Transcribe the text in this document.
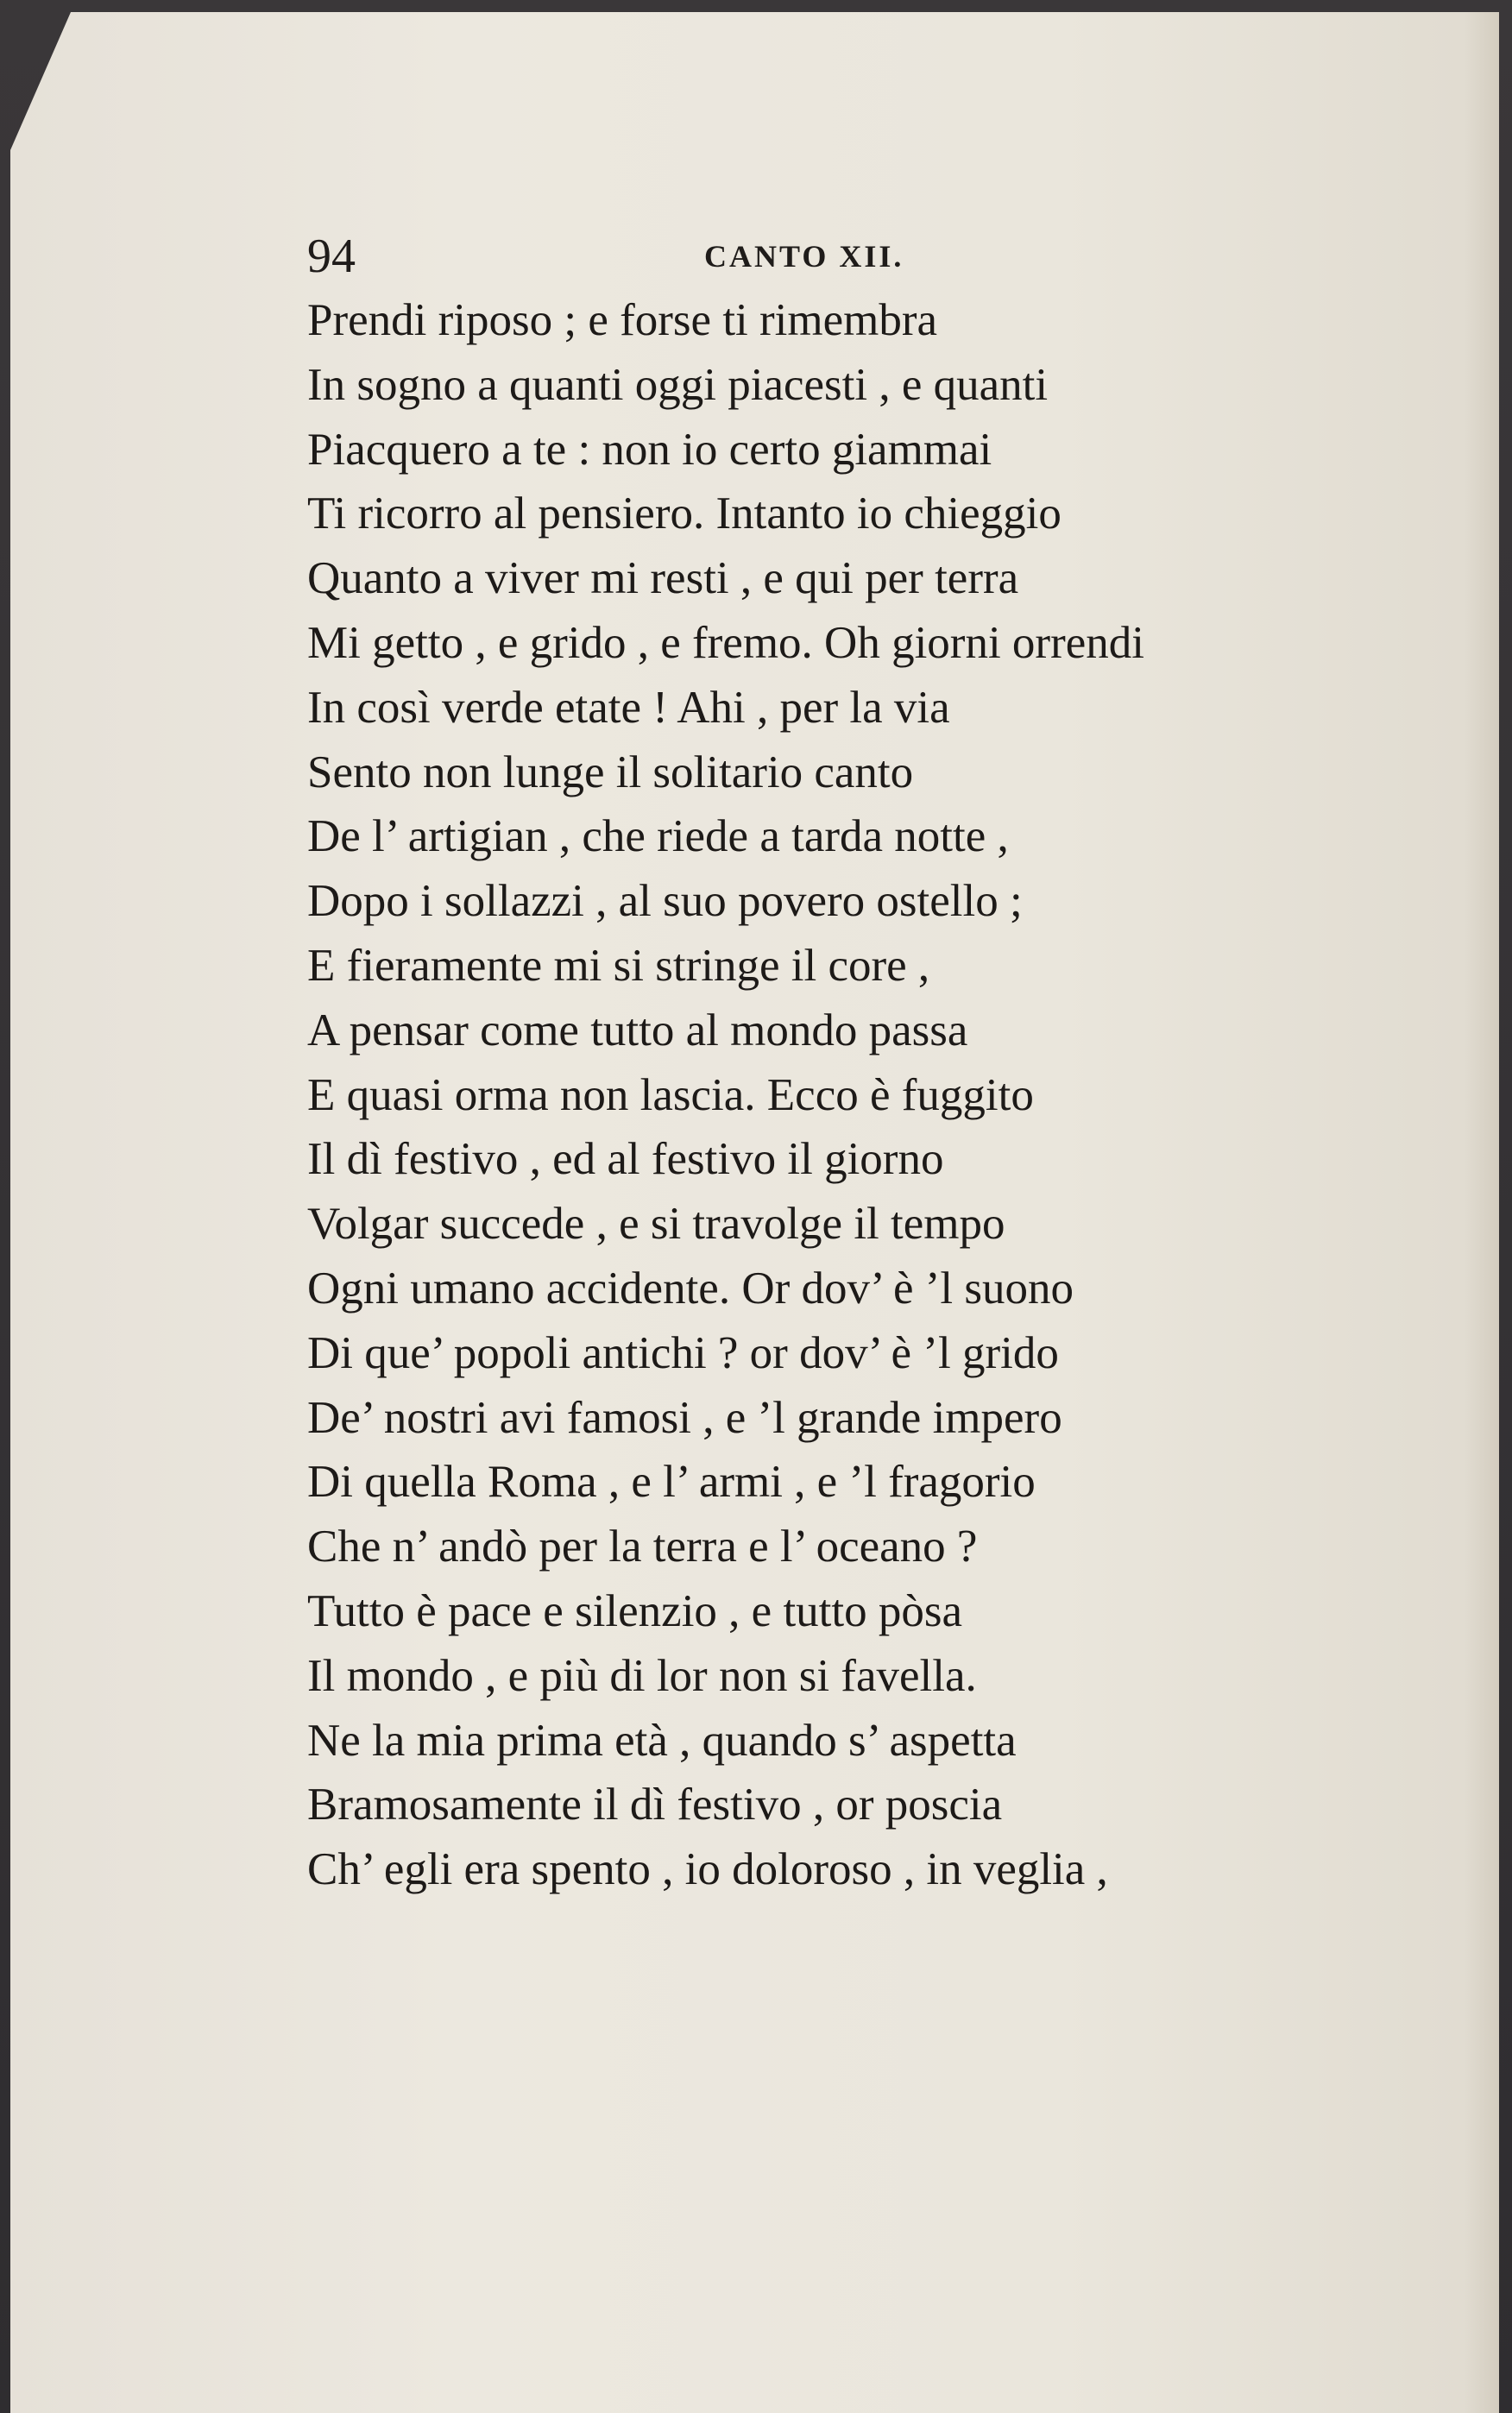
94	CANTO XII.
Prendi riposo ; e forse ti rimembra
In sogno a quanti oggi piacesti , e quanti
Piacquero a te : non io certo giammai
Ti ricorro al pensiero. Intanto io chieggio
Quanto a viver mi resti , e qui per terra
Mi getto , e grido , e fremo. Oh giorni orrendi
In così verde etate ! Ahi , per la via
Sento non lunge il solitario canto
De l’ artigian , che riede a tarda notte ,
Dopo i sollazzi , al suo povero ostello ;
E fieramente mi si stringe il core ,
A pensar come tutto al mondo passa
E quasi orma non lascia. Ecco è fuggito
Il dì festivo , ed al festivo il giorno
Volgar succede , e si travolge il tempo
Ogni umano accidente. Or dov’ è ’l suono
Di que’ popoli antichi ? or dov’ è ’l grido
De’ nostri avi famosi , e ’l grande impero
Di quella Roma , e l’ armi , e ’l fragorio
Che n’ andò per la terra e l’ oceano ?
Tutto è pace e silenzio , e tutto pòsa
Il mondo , e più di lor non si favella.
Ne la mia prima età , quando s’ aspetta
Bramosamente il dì festivo , or poscia
Ch’ egli era spento , io doloroso , in veglia ,
